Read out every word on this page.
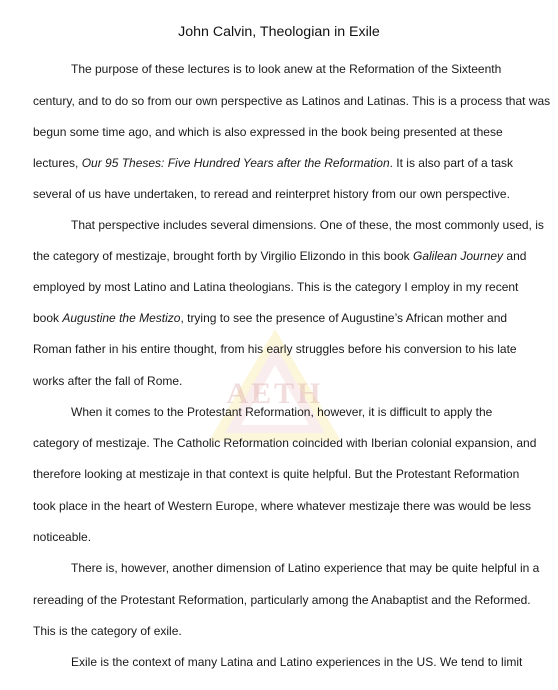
AETH
John Calvin, Theologian in Exile
The purpose of these lectures is to look anew at the Reformation of the Sixteenth
century, and to do so from our own perspective as Latinos and Latinas. This is a process that was
begun some time ago, and which is also expressed in the book being presented at these
lectures, Our 95 Theses: Five Hundred Years after the Reformation. It is also part of a task
several of us have undertaken, to reread and reinterpret history from our own perspective.
That perspective includes several dimensions. One of these, the most commonly used, is
the category of mestizaje, brought forth by Virgilio Elizondo in this book Galilean Journey and
employed by most Latino and Latina theologians. This is the category I employ in my recent
book Augustine the Mestizo, trying to see the presence of Augustine’s African mother and
Roman father in his entire thought, from his early struggles before his conversion to his late
works after the fall of Rome.
When it comes to the Protestant Reformation, however, it is difficult to apply the
category of mestizaje. The Catholic Reformation coincided with Iberian colonial expansion, and
therefore looking at mestizaje in that context is quite helpful. But the Protestant Reformation
took place in the heart of Western Europe, where whatever mestizaje there was would be less
noticeable.
There is, however, another dimension of Latino experience that may be quite helpful in a
rereading of the Protestant Reformation, particularly among the Anabaptist and the Reformed.
This is the category of exile.
Exile is the context of many Latina and Latino experiences in the US. We tend to limit
